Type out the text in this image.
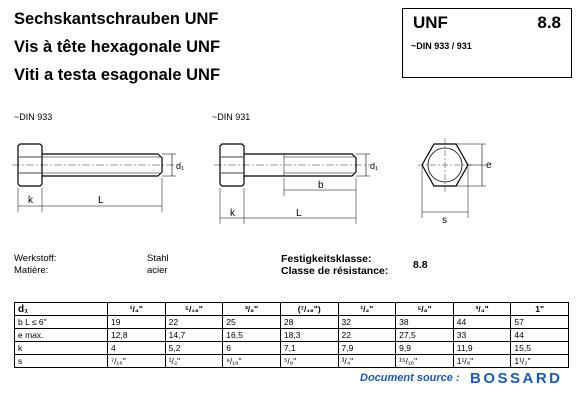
Sechskantschrauben UNF
Vis à tête hexagonale UNF
Viti a testa esagonale UNF
UNF	8.8
~DIN 933 / 931
~DIN 933	~DIN 931
k	L
d₁
b
k	L
d₁	e
s
Werkstoff:
Matière:
Stahl
acier
Festigkeitsklasse:
Classe de résistance: 8.8
d₁	¹/₄"	⁵/₁₆"	³/₈"	(⁷/₁₆")	¹/₂"	⁵/₈"	³/₄"	1"
b L ≤ 6"	19	22	25	28	32	38	44	57
e max.	12,8	14,7	16,5	18,3	22	27,5	33	44
k	4	5,2	6	7,1	7,9	9,9	11,9	15,5
s	⁷/₁₆"	¹/₂"	⁹/₁₆"	⁵/₈"	³/₄"	¹⁵/₁₆"	1¹/₈"	1¹/₂"
Document source : BOSSARD
